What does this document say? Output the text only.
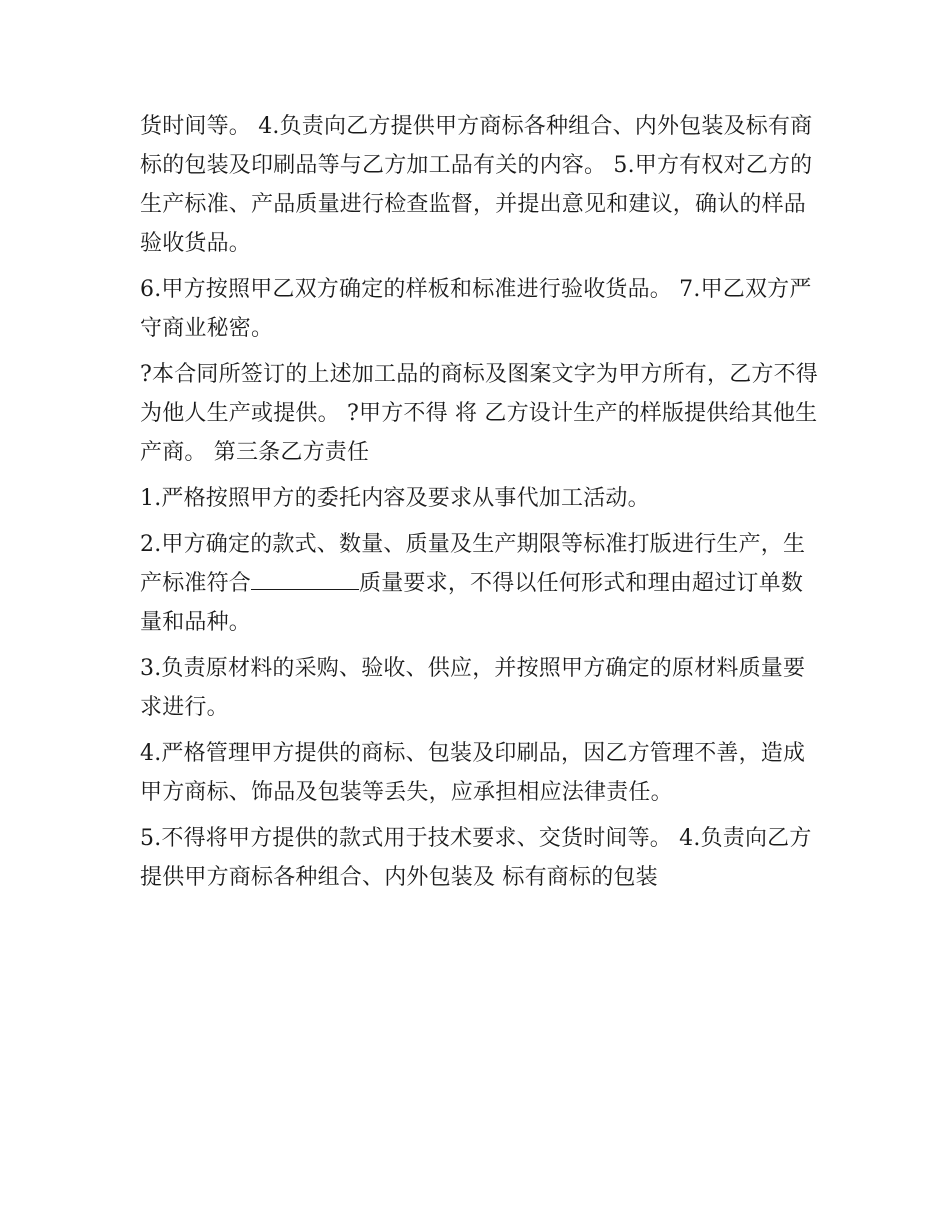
货时间等。 4.负责向乙方提供甲方商标各种组合、内外包装及标有商标的包装及印刷品等与乙方加工品有关的内容。 5.甲方有权对乙方的生产标准、产品质量进行检查监督，并提出意见和建议，确认的样品验收货品。

6.甲方按照甲乙双方确定的样板和标准进行验收货品。 7.甲乙双方严守商业秘密。

?本合同所签订的上述加工品的商标及图案文字为甲方所有，乙方不得为他人生产或提供。 ?甲方不得 将 乙方设计生产的样版提供给其他生产商。 第三条乙方责任

1.严格按照甲方的委托内容及要求从事代加工活动。

2.甲方确定的款式、数量、质量及生产期限等标准打版进行生产，生产标准符合	质量要求，不得以任何形式和理由超过订单数量和品种。

3.负责原材料的采购、验收、供应，并按照甲方确定的原材料质量要求进行。

4.严格管理甲方提供的商标、包装及印刷品，因乙方管理不善，造成甲方商标、饰品及包装等丢失，应承担相应法律责任。

5.不得将甲方提供的款式用于技术要求、交货时间等。 4.负责向乙方提供甲方商标各种组合、内外包装及 标有商标的包装
